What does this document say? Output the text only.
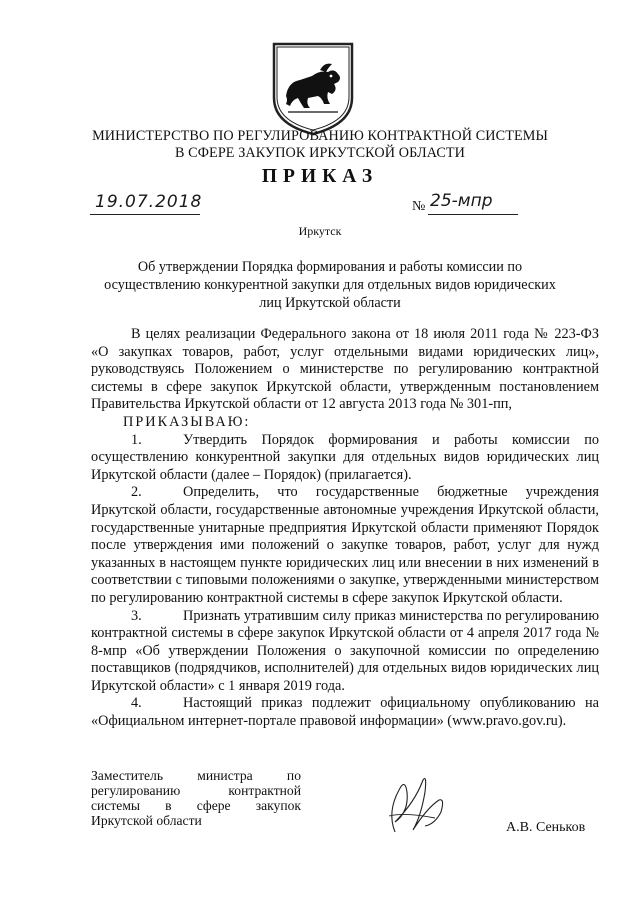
МИНИСТЕРСТВО ПО РЕГУЛИРОВАНИЮ КОНТРАКТНОЙ СИСТЕМЫ
В СФЕРЕ ЗАКУПОК ИРКУТСКОЙ ОБЛАСТИ
ПРИКАЗ
19.07.2018	№ 25-мпр
Иркутск
Об утверждении Порядка формирования и работы комиссии по
осуществлению конкурентной закупки для отдельных видов юридических
лиц Иркутской области

В целях реализации Федерального закона от 18 июля 2011 года № 223-ФЗ «О закупках товаров, работ, услуг отдельными видами юридических лиц», руководствуясь Положением о министерстве по регулированию контрактной системы в сфере закупок Иркутской области, утвержденным постановлением Правительства Иркутской области от 12 августа 2013 года № 301-пп,

ПРИКАЗЫВАЮ:

1.	Утвердить Порядок формирования и работы комиссии по осуществлению конкурентной закупки для отдельных видов юридических лиц Иркутской области (далее – Порядок) (прилагается).

2.	Определить, что государственные бюджетные учреждения Иркутской области, государственные автономные учреждения Иркутской области, государственные унитарные предприятия Иркутской области применяют Порядок после утверждения ими положений о закупке товаров, работ, услуг для нужд указанных в настоящем пункте юридических лиц или внесении в них изменений в соответствии с типовыми положениями о закупке, утвержденными министерством по регулированию контрактной системы в сфере закупок Иркутской области.

3.	Признать утратившим силу приказ министерства по регулированию контрактной системы в сфере закупок Иркутской области от 4 апреля 2017 года № 8-мпр «Об утверждении Положения о закупочной комиссии по определению поставщиков (подрядчиков, исполнителей) для отдельных видов юридических лиц Иркутской области» с 1 января 2019 года.

4.	Настоящий приказ подлежит официальному опубликованию на «Официальном интернет-портале правовой информации» (www.pravo.gov.ru).

Заместитель министра по регулированию контрактной системы в сфере закупок Иркутской области	А.В. Сеньков
